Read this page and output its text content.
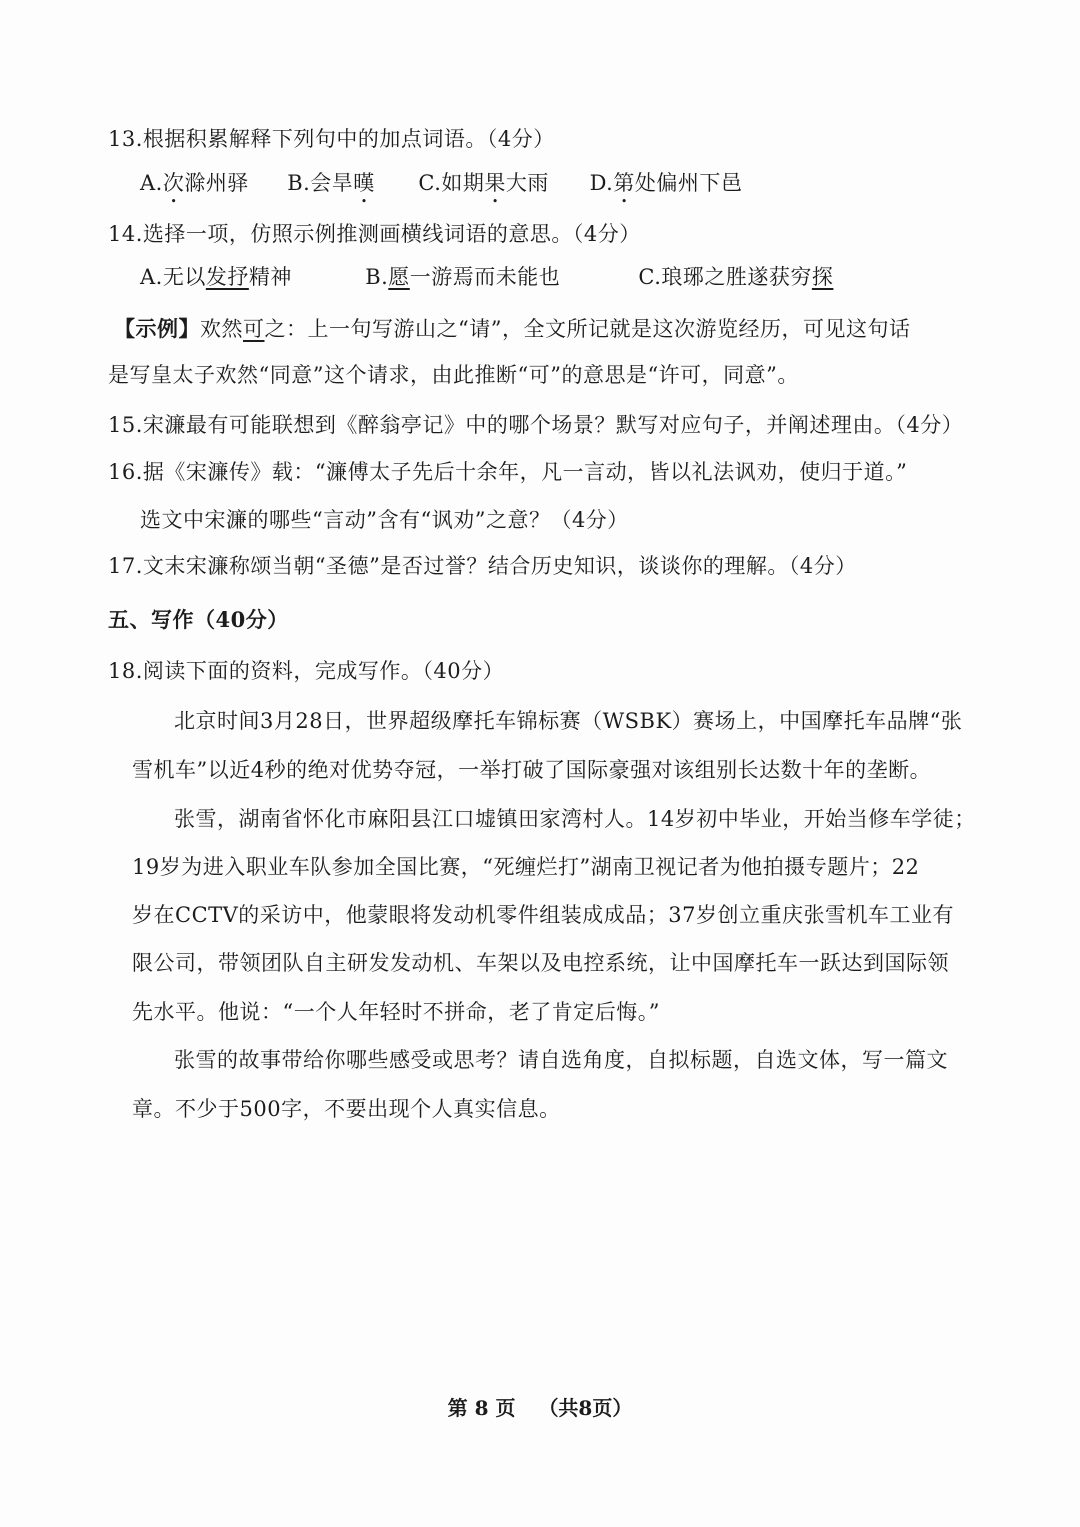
13.根据积累解释下列句中的加点词语。（4分）
A.次滁州驿 B.会旱暵 C.如期果大雨 D.第处偏州下邑
14.选择一项，仿照示例推测画横线词语的意思。（4分）
A.无以发抒精神	B.愿一游焉而未能也	C.琅琊之胜遂获穷探
【示例】欢然可之：上一句写游山之“请”，全文所记就是这次游览经历，可见这句话
是写皇太子欢然“同意”这个请求，由此推断“可”的意思是“许可，同意”。
15.宋濂最有可能联想到《醉翁亭记》中的哪个场景？默写对应句子，并阐述理由。（4分）
16.据《宋濂传》载：“濂傅太子先后十余年，凡一言动，皆以礼法讽劝，使归于道。”
选文中宋濂的哪些“言动”含有“讽劝”之意？（4分）
17.文末宋濂称颂当朝“圣德”是否过誉？结合历史知识，谈谈你的理解。（4分）
五、写作（40分）
18.阅读下面的资料，完成写作。（40分）
北京时间3月28日，世界超级摩托车锦标赛（WSBK）赛场上，中国摩托车品牌“张
雪机车”以近4秒的绝对优势夺冠，一举打破了国际豪强对该组别长达数十年的垄断。
张雪，湖南省怀化市麻阳县江口墟镇田家湾村人。14岁初中毕业，开始当修车学徒；
19岁为进入职业车队参加全国比赛，“死缠烂打”湖南卫视记者为他拍摄专题片；22
岁在CCTV的采访中，他蒙眼将发动机零件组装成成品；37岁创立重庆张雪机车工业有
限公司，带领团队自主研发发动机、车架以及电控系统，让中国摩托车一跃达到国际领
先水平。他说：“一个人年轻时不拼命，老了肯定后悔。”
张雪的故事带给你哪些感受或思考？请自选角度，自拟标题，自选文体，写一篇文
章。不少于500字，不要出现个人真实信息。
第 8 页 （共8页）
